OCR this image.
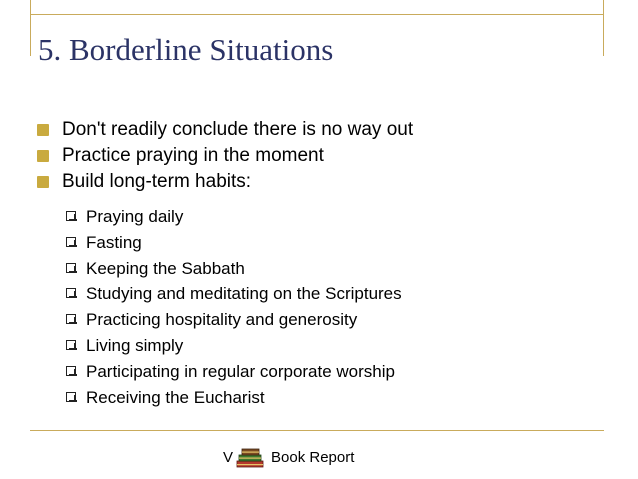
5. Borderline Situations
Don't readily conclude there is no way out
Practice praying in the moment
Build long-term habits:
Praying daily
Fasting
Keeping the Sabbath
Studying and meditating on the Scriptures
Practicing hospitality and generosity
Living simply
Participating in regular corporate worship
Receiving the Eucharist
V	Book Report
